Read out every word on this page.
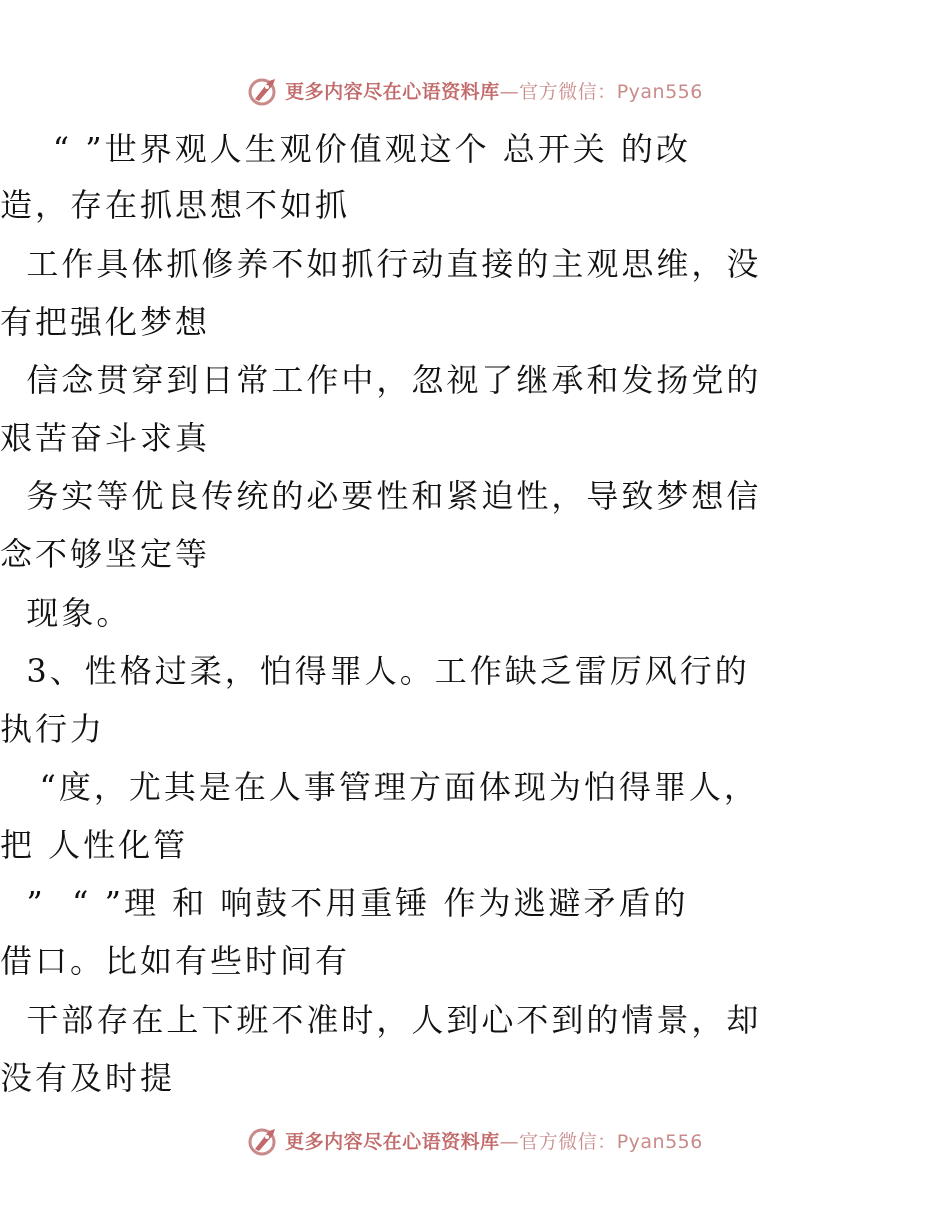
更多内容尽在心语资料库—官方微信：Pyan556
“ ”世界观人生观价值观这个 总开关 的改
造，存在抓思想不如抓
工作具体抓修养不如抓行动直接的主观思维，没
有把强化梦想
信念贯穿到日常工作中，忽视了继承和发扬党的
艰苦奋斗求真
务实等优良传统的必要性和紧迫性，导致梦想信
念不够坚定等
现象。
3、性格过柔，怕得罪人。工作缺乏雷厉风行的
执行力
“度，尤其是在人事管理方面体现为怕得罪人，
把 人性化管
”  “ ”理 和 响鼓不用重锤 作为逃避矛盾的
借口。比如有些时间有
干部存在上下班不准时，人到心不到的情景，却
没有及时提
更多内容尽在心语资料库—官方微信：Pyan556
